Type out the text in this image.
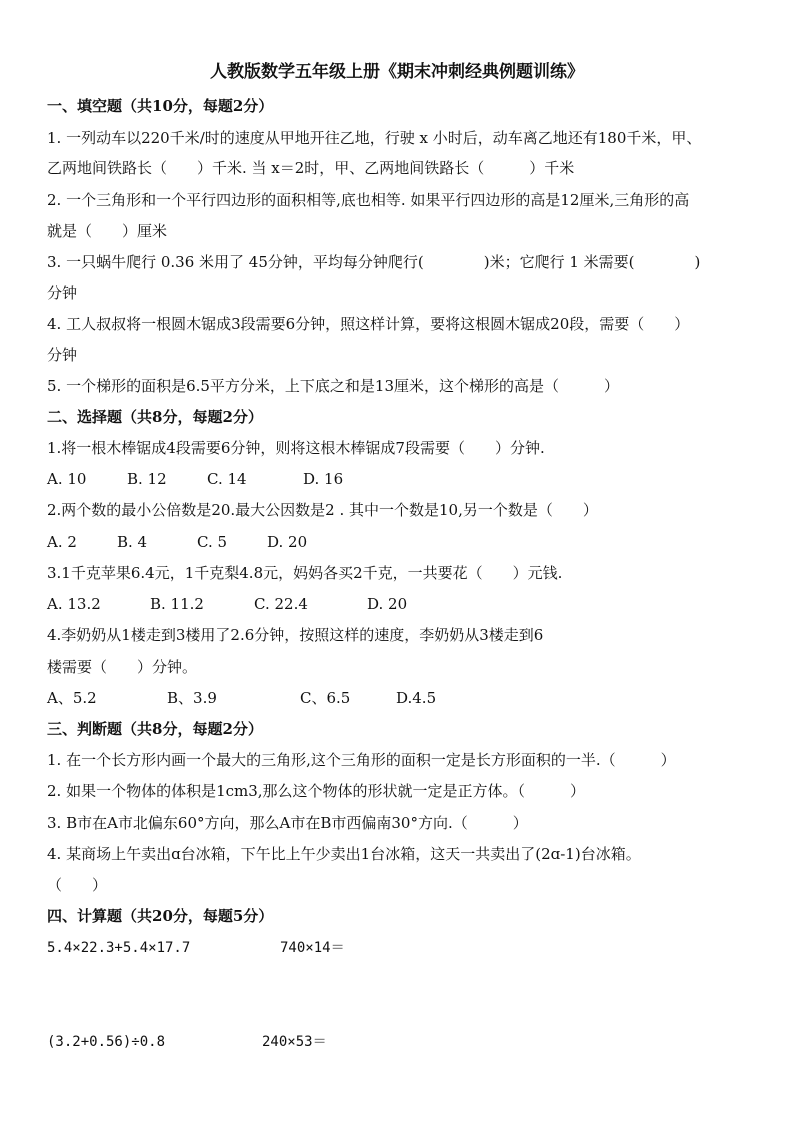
人教版数学五年级上册《期末冲刺经典例题训练》
一、填空题（共10分，每题2分）
1. 一列动车以220千米/时的速度从甲地开往乙地，行驶 x 小时后，动车离乙地还有180千米，甲、
乙两地间铁路长（　　）千米. 当 x＝2时，甲、乙两地间铁路长（　　　）千米
2. 一个三角形和一个平行四边形的面积相等,底也相等. 如果平行四边形的高是12厘米,三角形的高
就是（　　）厘米
3. 一只蜗牛爬行 0.36 米用了 45分钟，平均每分钟爬行(　　　　)米；它爬行 1 米需要(　　　　)
分钟
4. 工人叔叔将一根圆木锯成3段需要6分钟，照这样计算，要将这根圆木锯成20段，需要（　　）
分钟
5. 一个梯形的面积是6.5平方分米，上下底之和是13厘米，这个梯形的高是（　　　）
二、选择题（共8分，每题2分）
1.将一根木棒锯成4段需要6分钟，则将这根木棒锯成7段需要（　　）分钟.
A. 10	B. 12	C. 14	D. 16
2.两个数的最小公倍数是20.最大公因数是2 . 其中一个数是10,另一个数是（　　）
A. 2	B. 4	C. 5	D. 20
3.1千克苹果6.4元，1千克梨4.8元，妈妈各买2千克，一共要花（　　）元钱.
A. 13.2	B. 11.2	C. 22.4	D. 20
4.李奶奶从1楼走到3楼用了2.6分钟，按照这样的速度，李奶奶从3楼走到6
楼需要（　　）分钟。
A、5.2	B、3.9	C、6.5	D.4.5
三、判断题（共8分，每题2分）
1. 在一个长方形内画一个最大的三角形,这个三角形的面积一定是长方形面积的一半.（　　　）
2. 如果一个物体的体积是1cm3,那么这个物体的形状就一定是正方体。（　　　）
3. B市在A市北偏东60°方向，那么A市在B市西偏南30°方向.（　　　）
4. 某商场上午卖出ɑ台冰箱，下午比上午少卖出1台冰箱，这天一共卖出了(2ɑ-1)台冰箱。
（　　）
四、计算题（共20分，每题5分）
5.4×22.3+5.4×17.7	740×14＝
(3.2+0.56)÷0.8	240×53＝
